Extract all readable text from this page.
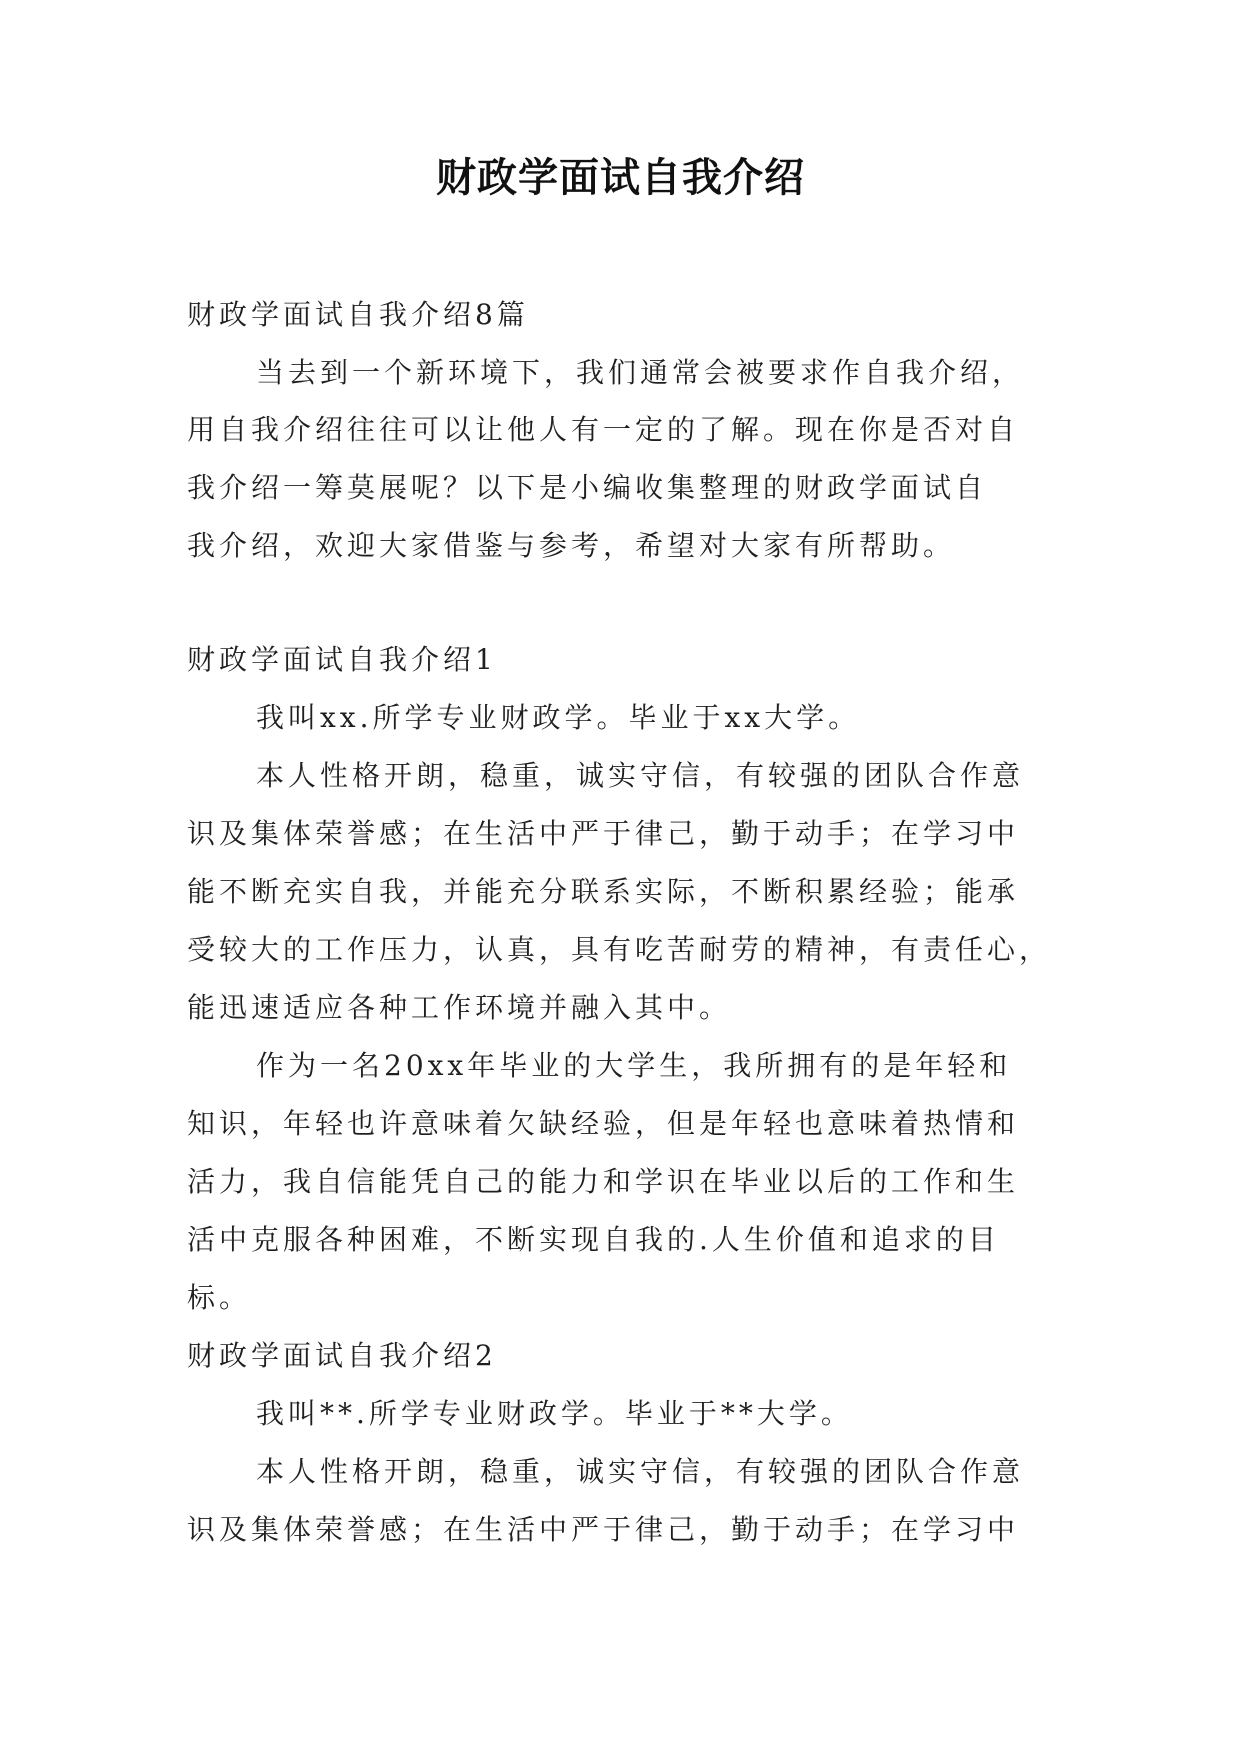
财政学面试自我介绍
财政学面试自我介绍8篇
当去到一个新环境下，我们通常会被要求作自我介绍，
用自我介绍往往可以让他人有一定的了解。现在你是否对自
我介绍一筹莫展呢？以下是小编收集整理的财政学面试自
我介绍，欢迎大家借鉴与参考，希望对大家有所帮助。
财政学面试自我介绍1
我叫xx.所学专业财政学。毕业于xx大学。
本人性格开朗，稳重，诚实守信，有较强的团队合作意
识及集体荣誉感；在生活中严于律己，勤于动手；在学习中
能不断充实自我，并能充分联系实际，不断积累经验；能承
受较大的工作压力，认真，具有吃苦耐劳的精神，有责任心，
能迅速适应各种工作环境并融入其中。
作为一名20xx年毕业的大学生，我所拥有的是年轻和
知识，年轻也许意味着欠缺经验，但是年轻也意味着热情和
活力，我自信能凭自己的能力和学识在毕业以后的工作和生
活中克服各种困难，不断实现自我的.人生价值和追求的目
标。
财政学面试自我介绍2
我叫**.所学专业财政学。毕业于**大学。
本人性格开朗，稳重，诚实守信，有较强的团队合作意
识及集体荣誉感；在生活中严于律己，勤于动手；在学习中
